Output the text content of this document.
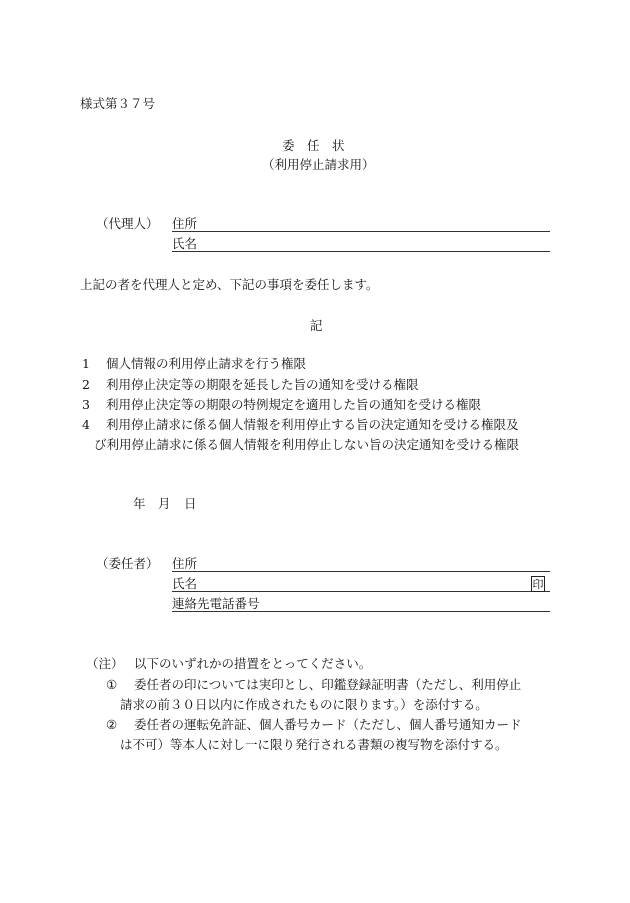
様式第３７号
委　任　状
（利用停止請求用）
（代理人） 住所
氏名
上記の者を代理人と定め、下記の事項を委任します。
記
1 個人情報の利用停止請求を行う権限
2 利用停止決定等の期限を延長した旨の通知を受ける権限
3 利用停止決定等の期限の特例規定を適用した旨の通知を受ける権限
4 利用停止請求に係る個人情報を利用停止する旨の決定通知を受ける権限及
び利用停止請求に係る個人情報を利用停止しない旨の決定通知を受ける権限
年 月 日
（委任者） 住所
氏名	印
連絡先電話番号
（注） 以下のいずれかの措置をとってください。
① 委任者の印については実印とし、印鑑登録証明書（ただし、利用停止
請求の前３０日以内に作成されたものに限ります。）を添付する。
② 委任者の運転免許証、個人番号カード（ただし、個人番号通知カード
は不可）等本人に対し一に限り発行される書類の複写物を添付する。
